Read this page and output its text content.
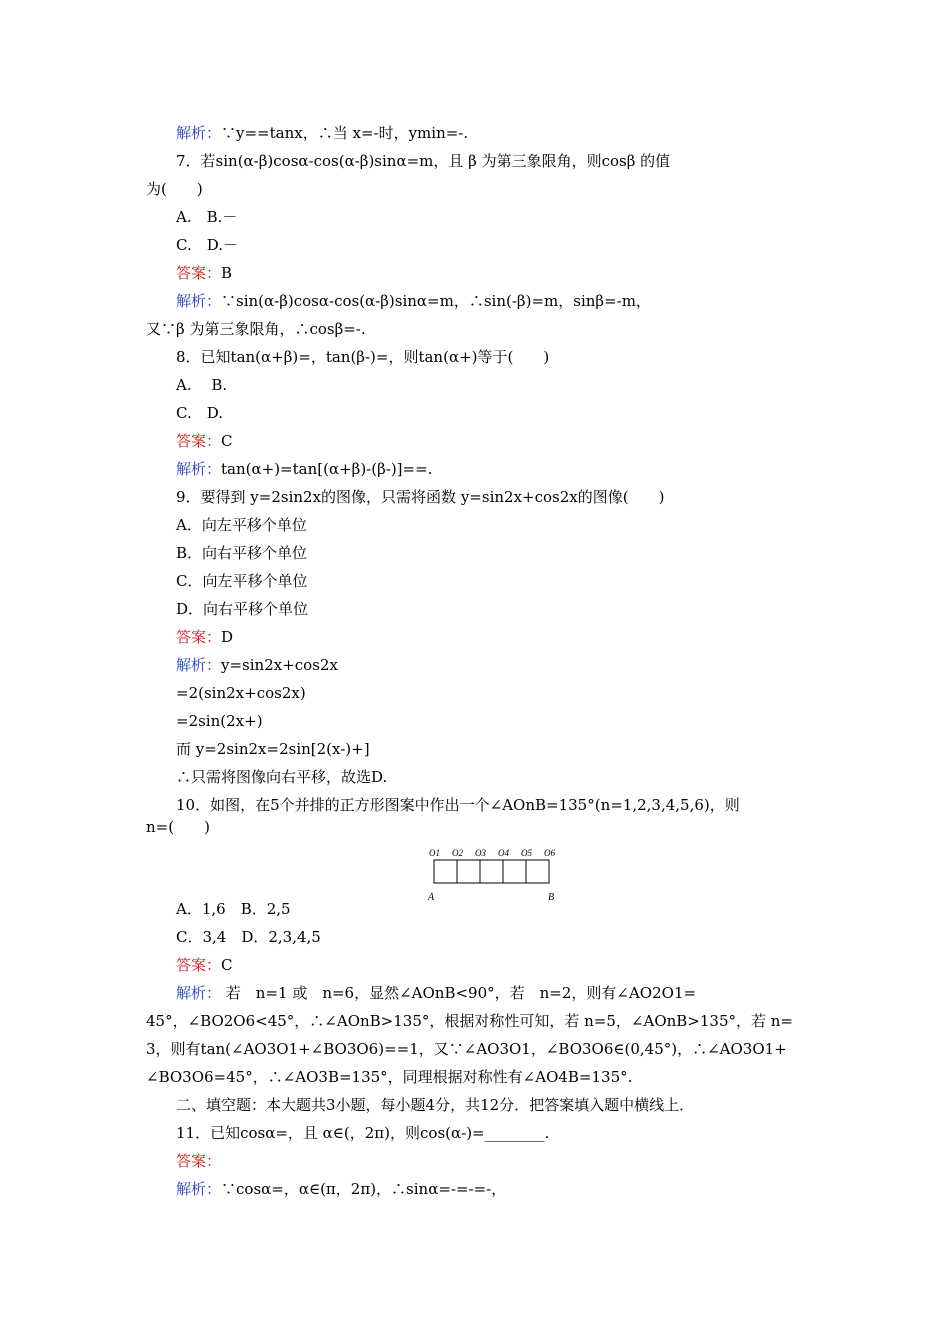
解析：∵y==tanx，∴当 x=-时，ymin=-.
7．若sin(α-β)cosα-cos(α-β)sinα=m，且 β 为第三象限角，则cosβ 的值
为(　　)
A.　B.－
C.　D.－
答案：B
解析：∵sin(α-β)cosα-cos(α-β)sinα=m，∴sin(-β)=m，sinβ=-m，
又∵β 为第三象限角，∴cosβ=-.
8．已知tan(α+β)=，tan(β-)=，则tan(α+)等于(　　)
A.　 B.
C.　D.
答案：C
解析：tan(α+)=tan[(α+β)-(β-)]==.
9．要得到 y=2sin2x的图像，只需将函数 y=sin2x+cos2x的图像(　　)
A．向左平移个单位
B．向右平移个单位
C．向左平移个单位
D．向右平移个单位
答案：D
解析：y=sin2x+cos2x
=2(sin2x+cos2x)
=2sin(2x+)
而 y=2sin2x=2sin[2(x-)+]
∴只需将图像向右平移，故选D.
10．如图，在5个并排的正方形图案中作出一个∠AOnB=135°(n=1,2,3,4,5,6)，则
n=(　　)
A．1,6　B．2,5
C．3,4　D．2,3,4,5
答案：C
解析： 若　n=1 或　n=6，显然∠AOnB<90°，若　n=2，则有∠AO2O1=
45°，∠BO2O6<45°，∴∠AOnB>135°，根据对称性可知，若 n=5，∠AOnB>135°，若 n=
3，则有tan(∠AO3O1+∠BO3O6)==1，又∵∠AO3O1，∠BO3O6∈(0,45°)，∴∠AO3O1+
∠BO3O6=45°，∴∠AO3B=135°，同理根据对称性有∠AO4B=135°.
二、填空题：本大题共3小题，每小题4分，共12分．把答案填入题中横线上．
11．已知cosα=，且 α∈(，2π)，则cos(α-)=________.
答案：
解析：∵cosα=，α∈(π，2π)，∴sinα=-=-=-，
O1 O2 O3 O4 O5 O6
A	B
